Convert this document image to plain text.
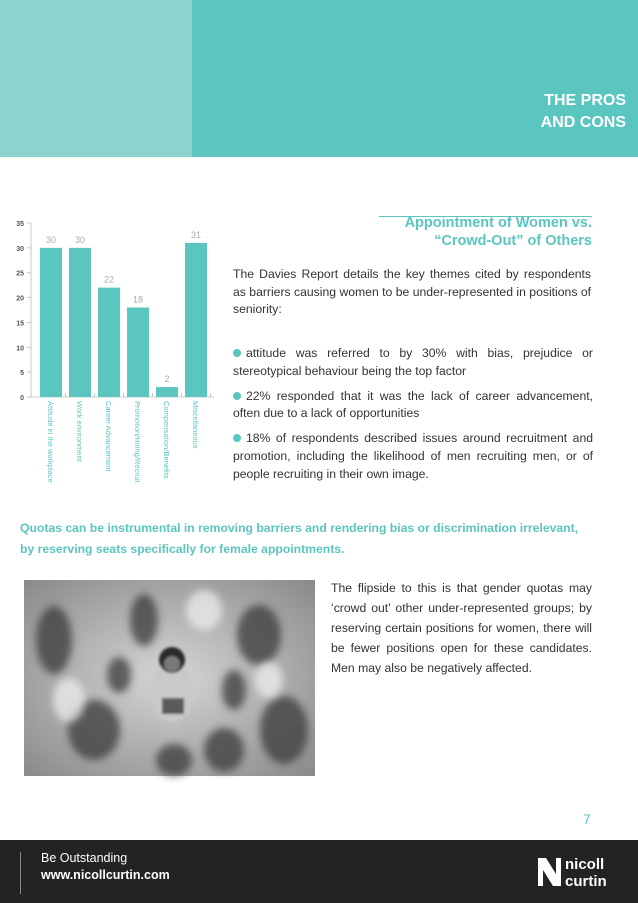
THE PROS
AND CONS
0
5
10
15
20
25
30
35
30
Attitude in the workplace
30
Work environment
22
Career Advancement
18
Promotion/Hiring/Recruit
2
Compensation/Benefits
31
Miscellaneous
Appointment of Women vs.
“Crowd-Out” of Others

The Davies Report details the key themes cited by respondents as barriers causing women to be under-represented in positions of seniority:

attitude was referred to by 30% with bias, prejudice or stereotypical behaviour being the top factor
22% responded that it was the lack of career advancement, often due to a lack of opportunities
18% of respondents described issues around recruitment and promotion, including the likelihood of men recruiting men, or of people recruiting in their own image.

Quotas can be instrumental in removing barriers and rendering bias or discrimination irrelevant, by reserving seats specifically for female appointments.

The flipside to this is that gender quotas may ‘crowd out’ other under-represented groups; by reserving certain positions for women, there will be fewer positions open for these candidates. Men may also be negatively affected.

7
Be Outstanding
www.nicollcurtin.com
nicoll
curtin
